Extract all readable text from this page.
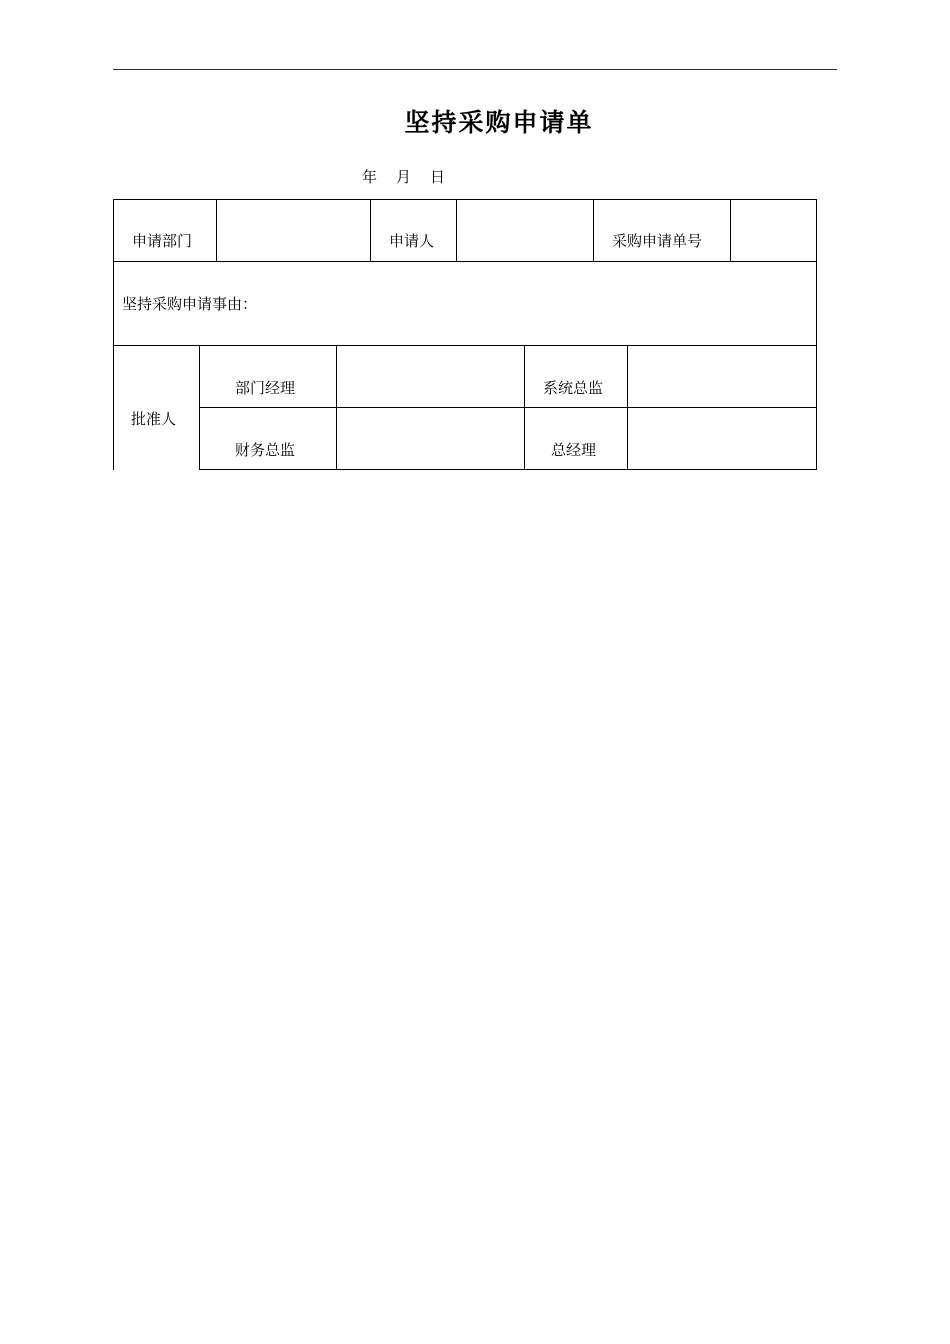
坚持采购申请单
年 月 日
申请部门	申请人	采购申请单号
坚持采购申请事由：
批准人
部门经理	系统总监
财务总监	总经理
